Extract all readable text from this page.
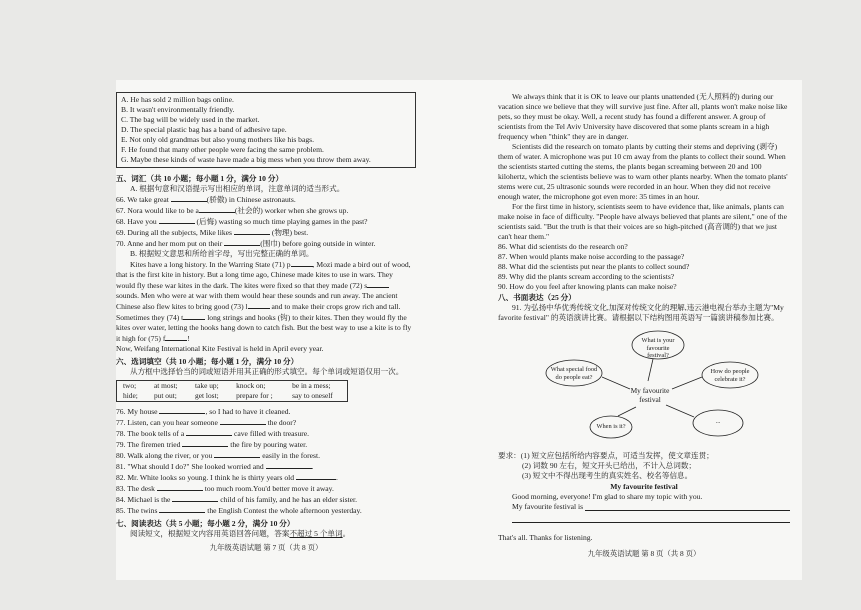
A. He has sold 2 million bags online.
B. It wasn't environmentally friendly.
C. The bag will be widely used in the market.
D. The special plastic bag has a band of adhesive tape.
E. Not only old grandmas but also young mothers like his bags.
F. He found that many other people were facing the same problem.
G. Maybe these kinds of waste have made a big mess when you throw them away.
五、词汇（共 10 小题；每小题 1 分，满分 10 分）
A. 根据句意和汉语提示写出相应的单词，注意单词的适当形式。
66. We take great	(骄傲) in Chinese astronauts.
67. Nora would like to be a	(社会的) worker when she grows up.
68. Have you	(后悔) wasting so much time playing games in the past?
69. During all the subjects, Mike likes	(物理) best.
70. Anne and her mom put on their	(围巾) before going outside in winter.
B. 根据短文意思和所给首字母，写出完整正确的单词。
Kites have a long history. In the Warring State (71) p	, Mozi made a bird out of wood,
that is the first kite in history. But a long time ago, Chinese made kites to use in wars. They
would fly these war kites in the dark. The kites were fixed so that they made (72) s
sounds. Men who were at war with them would hear these sounds and run away. The ancient
Chinese also flew kites to bring good (73) l	and to make their crops grow rich and tall.
Sometimes they (74) t	long strings and hooks (钩) to their kites. Then they would fly the
kites over water, letting the hooks hang down to catch fish. But the best way to use a kite is to fly
it high for (75) f	!
Now, Weifang International Kite Festival is held in April every year.
六、选词填空（共 10 小题；每小题 1 分，满分 10 分）
从方框中选择恰当的词或短语并用其正确的形式填空。每个单词或短语仅用一次。
two;	at most;	take up;	knock on;	be in a mess;
hide;	put out;	get lost;	prepare for ;	say to oneself
76. My house	, so I had to have it cleaned.
77. Listen, can you hear someone	the door?
78. The book tells of a	cave filled with treasure.
79. The firemen tried	the fire by pouring water.
80. Walk along the river, or you	easily in the forest.
81. "What should I do?" She looked worried and	.
82. Mr. White looks so young. I think he is thirty years old	.
83. The desk	too much room.You'd better move it away.
84. Michael is the	child of his family, and he has an elder sister.
85. The twins	the English Contest the whole afternoon yesterday.
七、阅读表达（共 5 小题；每小题 2 分，满分 10 分）
阅读短文，根据短文内容用英语回答问题，答案不超过 5 个单词。
九年级英语试题 第 7 页（共 8 页）
We always think that it is OK to leave our plants unattended (无人照料的) during our vacation since we believe that they will survive just fine. After all, plants won't make noise like pets, so they must be okay. Well, a recent study has found a different answer. A group of scientists from the Tel Aviv University have discovered that some plants scream in a high frequency when "think" they are in danger.
Scientists did the research on tomato plants by cutting their stems and depriving (剥夺) them of water. A microphone was put 10 cm away from the plants to collect their sound. When the scientists started cutting the stems, the plants began screaming between 20 and 100 kilohertz, which the scientists believe was to warn other plants nearby. When the tomato plants' stems were cut, 25 ultrasonic sounds were recorded in an hour. When they did not receive enough water, the microphone got even more: 35 times in an hour.
For the first time in history, scientists seem to have evidence that, like animals, plants can make noise in face of difficulty. "People have always believed that plants are silent," one of the scientists said. "But the truth is that their voices are so high-pitched (高音调的) that we just can't hear them."
86. What did scientists do the research on?
87. When would plants make noise according to the passage?
88. What did the scientists put near the plants to collect sound?
89. Why did the plants scream according to the scientists?
90. How do you feel after knowing plants can make noise?
八、书面表达（25 分）
91. 为弘扬中华优秀传统文化,加深对传统文化的理解,违云港电视台举办主题为"My favorite festival" 的英语演讲比赛。请根据以下结构图用英语写一篇演讲稿参加比赛。
What is your favourite festival?
What special food do people eat?
How do people celebrate it?
My favourite
festival
When is it?
...
要求：(1) 短文应包括所给内容要点，可适当发挥，使文章连贯；
(2) 词数 90 左右，短文开头已给出，不计入总词数；
(3) 短文中不得出现考生的真实姓名、校名等信息。
My favourite festival
Good morning, everyone! I'm glad to share my topic with you.
My favourite festival is
That's all. Thanks for listening.
九年级英语试题 第 8 页（共 8 页）
